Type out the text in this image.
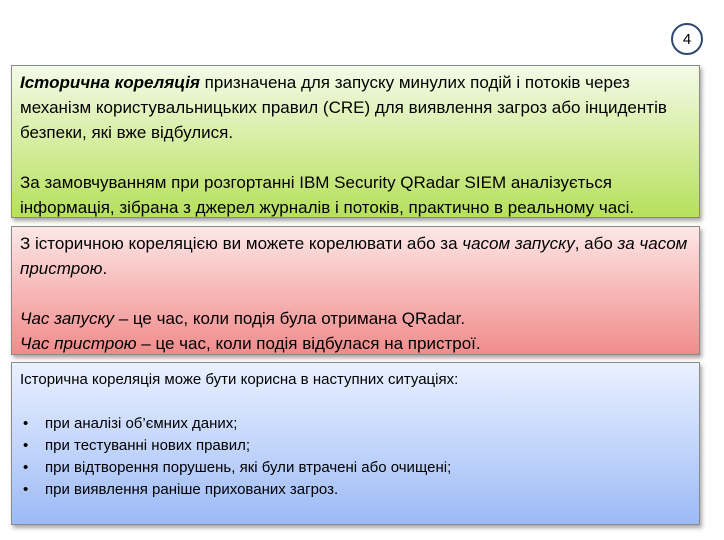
4

Історична кореляція призначена для запуску минулих подій і потоків через механізм користувальницьких правил (CRE) для виявлення загроз або інцидентів безпеки, які вже відбулися.

За замовчуванням при розгортанні IBM Security QRadar SIEM аналізується інформація, зібрана з джерел журналів і потоків, практично в реальному часі.

З історичною кореляцією ви можете корелювати або за часом запуску, або за часом пристрою.

Час запуску – це час, коли подія була отримана QRadar.

Час пристрою – це час, коли подія відбулася на пристрої.

Історична кореляція може бути корисна в наступних ситуаціях:

• при аналізі об’ємних даних;
• при тестуванні нових правил;
• при відтворення порушень, які були втрачені або очищені;
• при виявлення раніше прихованих загроз.
